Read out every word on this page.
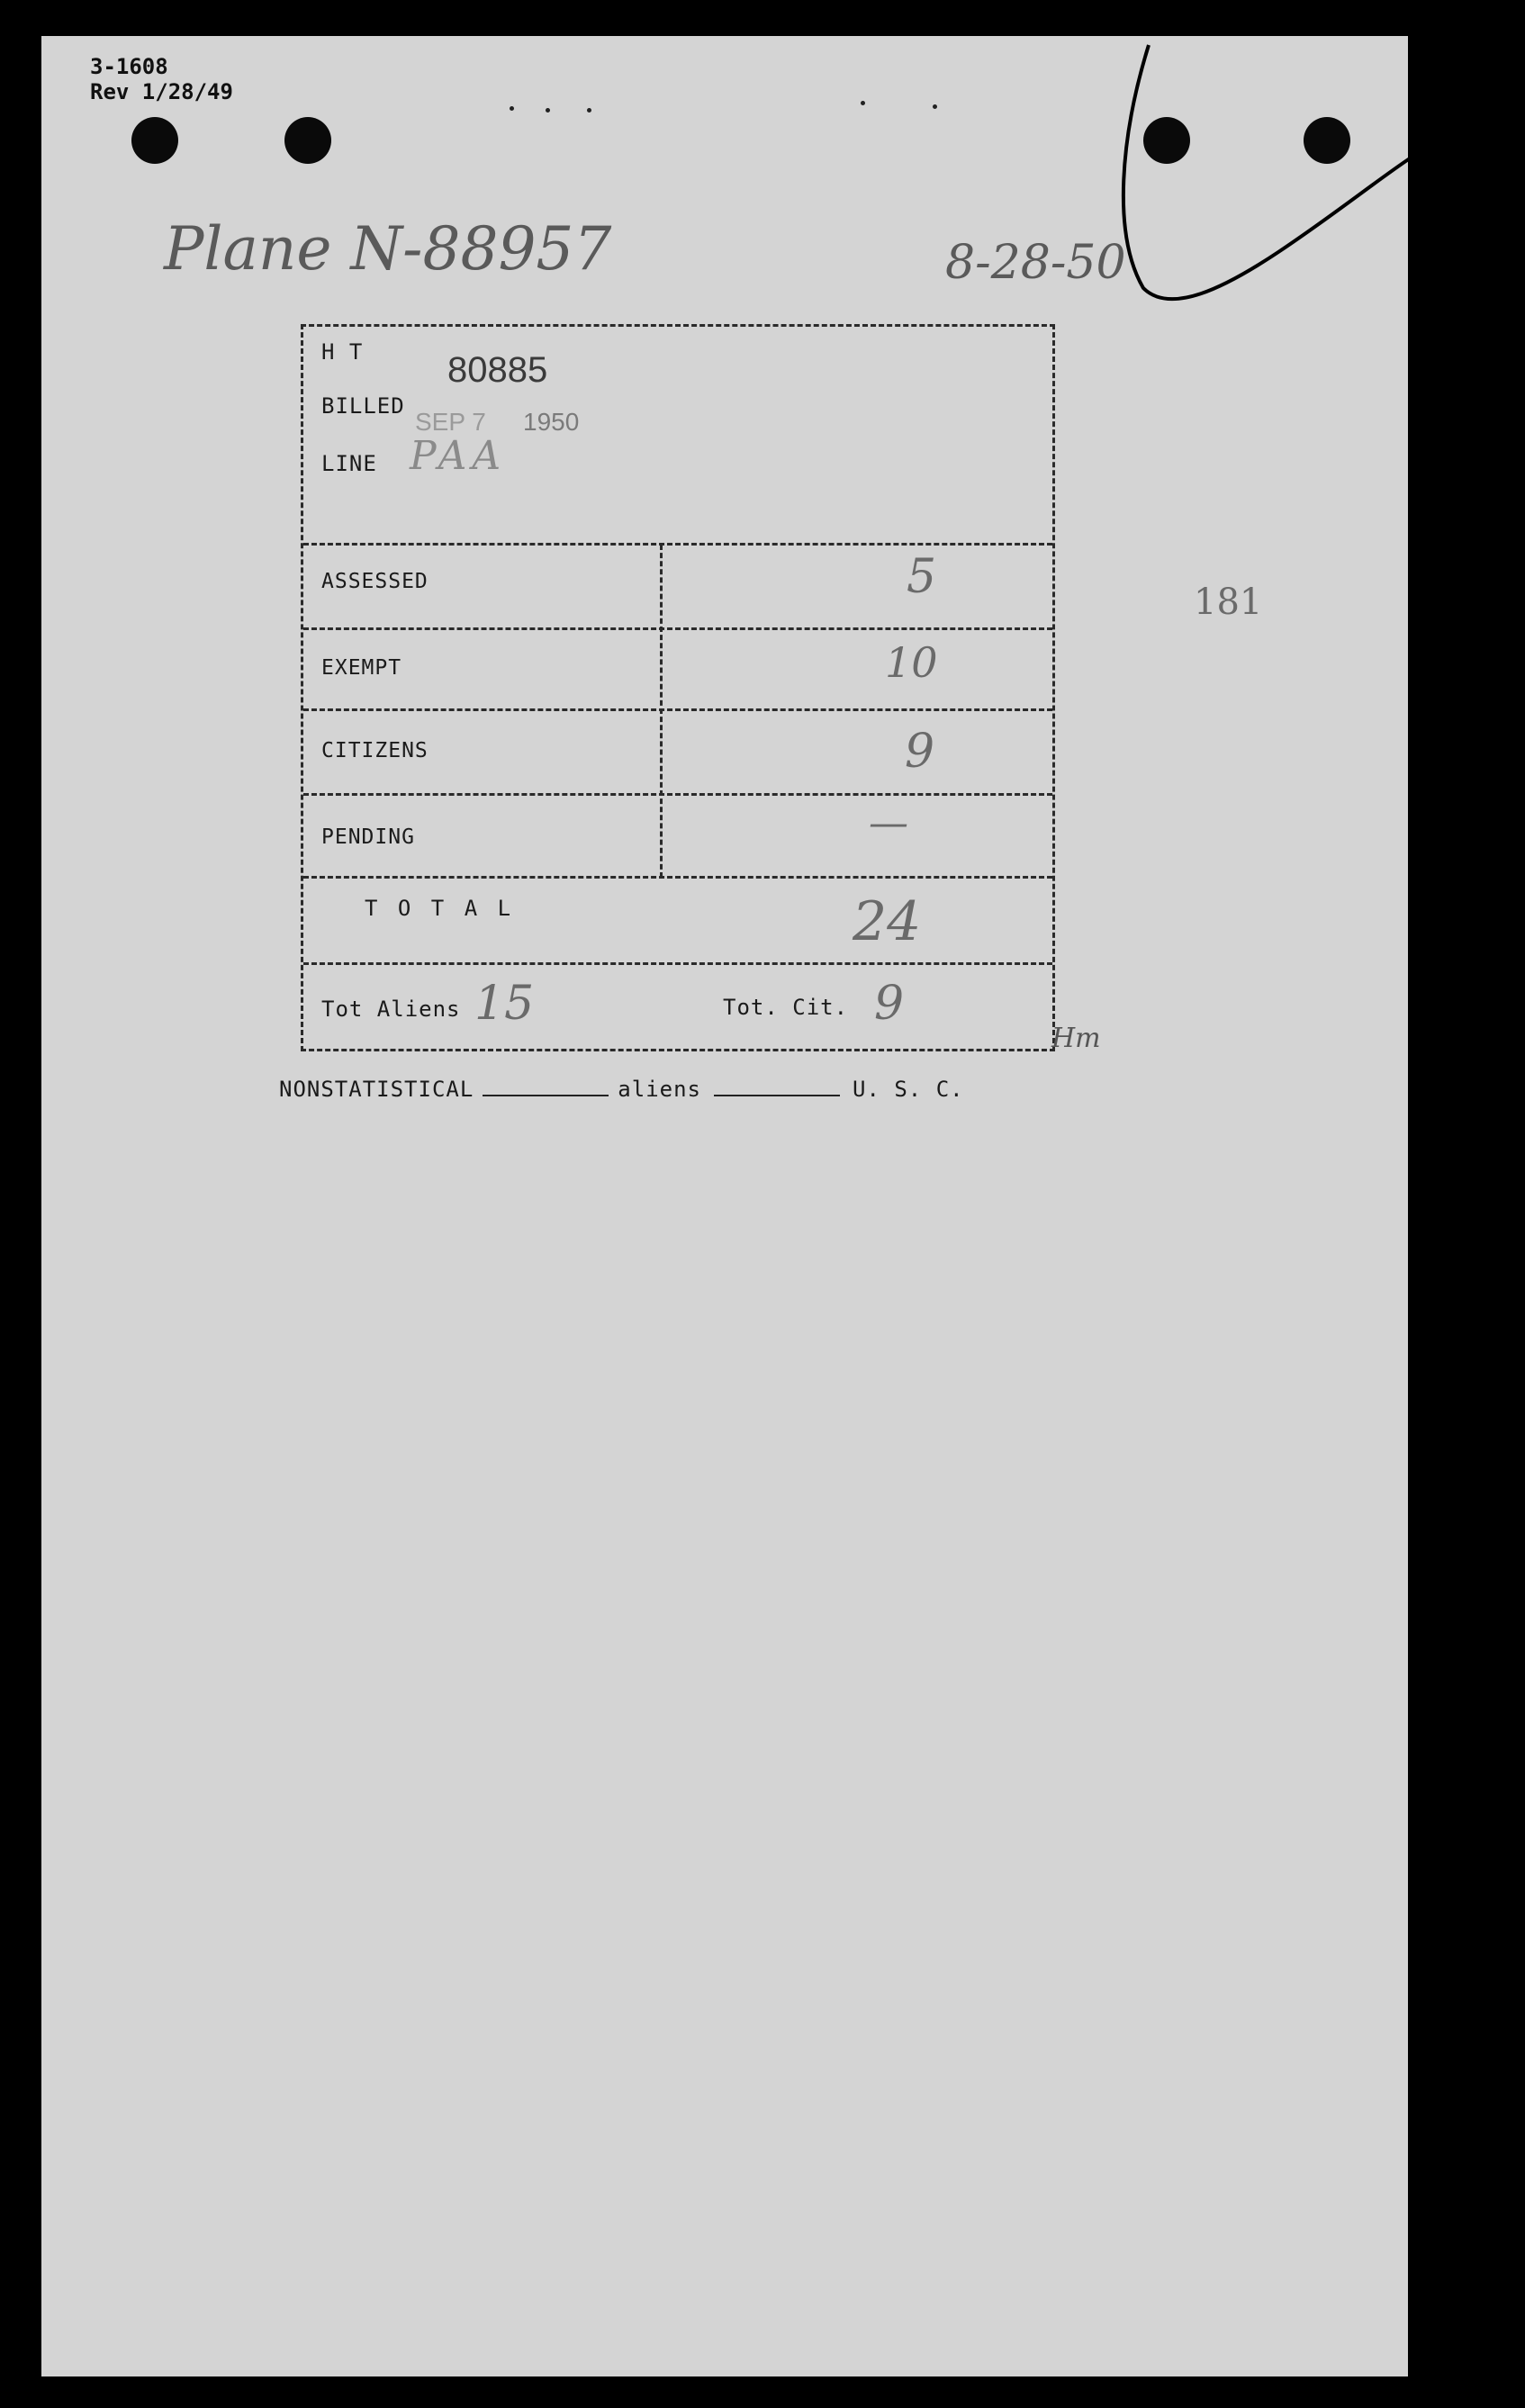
3-1608
Rev 1/28/49
Plane N-88957	8-28-50
H T 80885
BILLED
SEP 7 1950
LINE PAA
ASSESSED	5
EXEMPT	10
CITIZENS	9
PENDING	—
T O T A L	24
Tot Aliens 15	Tot. Cit. 9
Hm
181
NONSTATISTICAL	aliens	U. S. C.
